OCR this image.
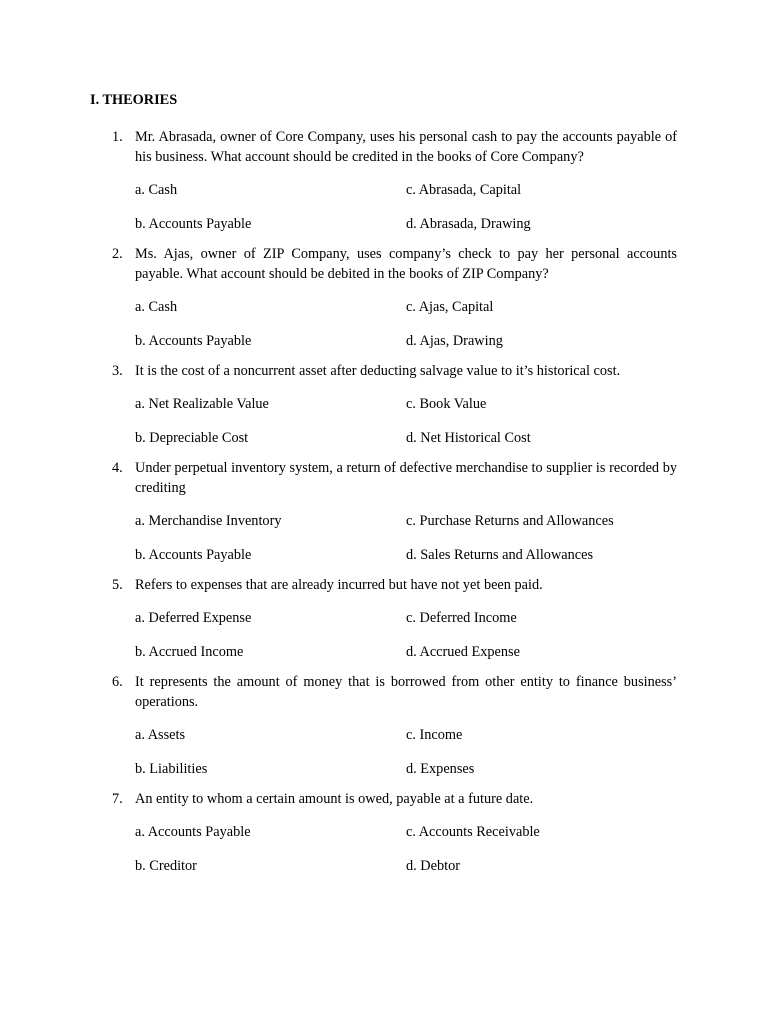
I. THEORIES
1. Mr. Abrasada, owner of Core Company, uses his personal cash to pay the accounts payable of his business. What account should be credited in the books of Core Company?
a. Cash	c. Abrasada, Capital
b. Accounts Payable	d. Abrasada, Drawing
2. Ms. Ajas, owner of ZIP Company, uses company’s check to pay her personal accounts payable. What account should be debited in the books of ZIP Company?
a. Cash	c. Ajas, Capital
b. Accounts Payable	d. Ajas, Drawing
3. It is the cost of a noncurrent asset after deducting salvage value to it’s historical cost.
a. Net Realizable Value	c. Book Value
b. Depreciable Cost	d. Net Historical Cost
4. Under perpetual inventory system, a return of defective merchandise to supplier is recorded by crediting
a. Merchandise Inventory	c. Purchase Returns and Allowances
b. Accounts Payable	d. Sales Returns and Allowances
5. Refers to expenses that are already incurred but have not yet been paid.
a. Deferred Expense	c. Deferred Income
b. Accrued Income	d. Accrued Expense
6. It represents the amount of money that is borrowed from other entity to finance business’ operations.
a. Assets	c. Income
b. Liabilities	d. Expenses
7. An entity to whom a certain amount is owed, payable at a future date.
a. Accounts Payable	c. Accounts Receivable
b. Creditor	d. Debtor
